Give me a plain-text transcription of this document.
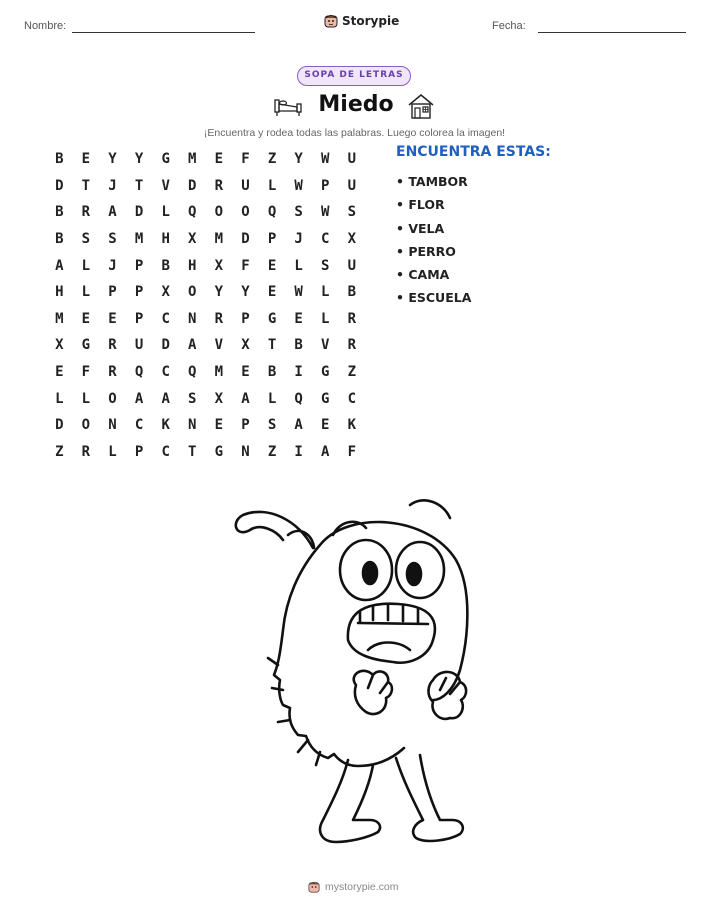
Nombre:	Storypie	Fecha:
SOPA DE LETRAS
Miedo
¡Encuentra y rodea todas las palabras. Luego colorea la imagen!
B	E	Y	Y	G	M	E	F	Z	Y	W	U
D	T	J	T	V	D	R	U	L	W	P	U
B	R	A	D	L	Q	O	O	Q	S	W	S
B	S	S	M	H	X	M	D	P	J	C	X
A	L	J	P	B	H	X	F	E	L	S	U
H	L	P	P	X	O	Y	Y	E	W	L	B
M	E	E	P	C	N	R	P	G	E	L	R
X	G	R	U	D	A	V	X	T	B	V	R
E	F	R	Q	C	Q	M	E	B	I	G	Z
L	L	O	A	A	S	X	A	L	Q	G	C
D	O	N	C	K	N	E	P	S	A	E	K
Z	R	L	P	C	T	G	N	Z	I	A	F
ENCUENTRA ESTAS:
• TAMBOR
• FLOR
• VELA
• PERRO
• CAMA
• ESCUELA
mystorypie.com
